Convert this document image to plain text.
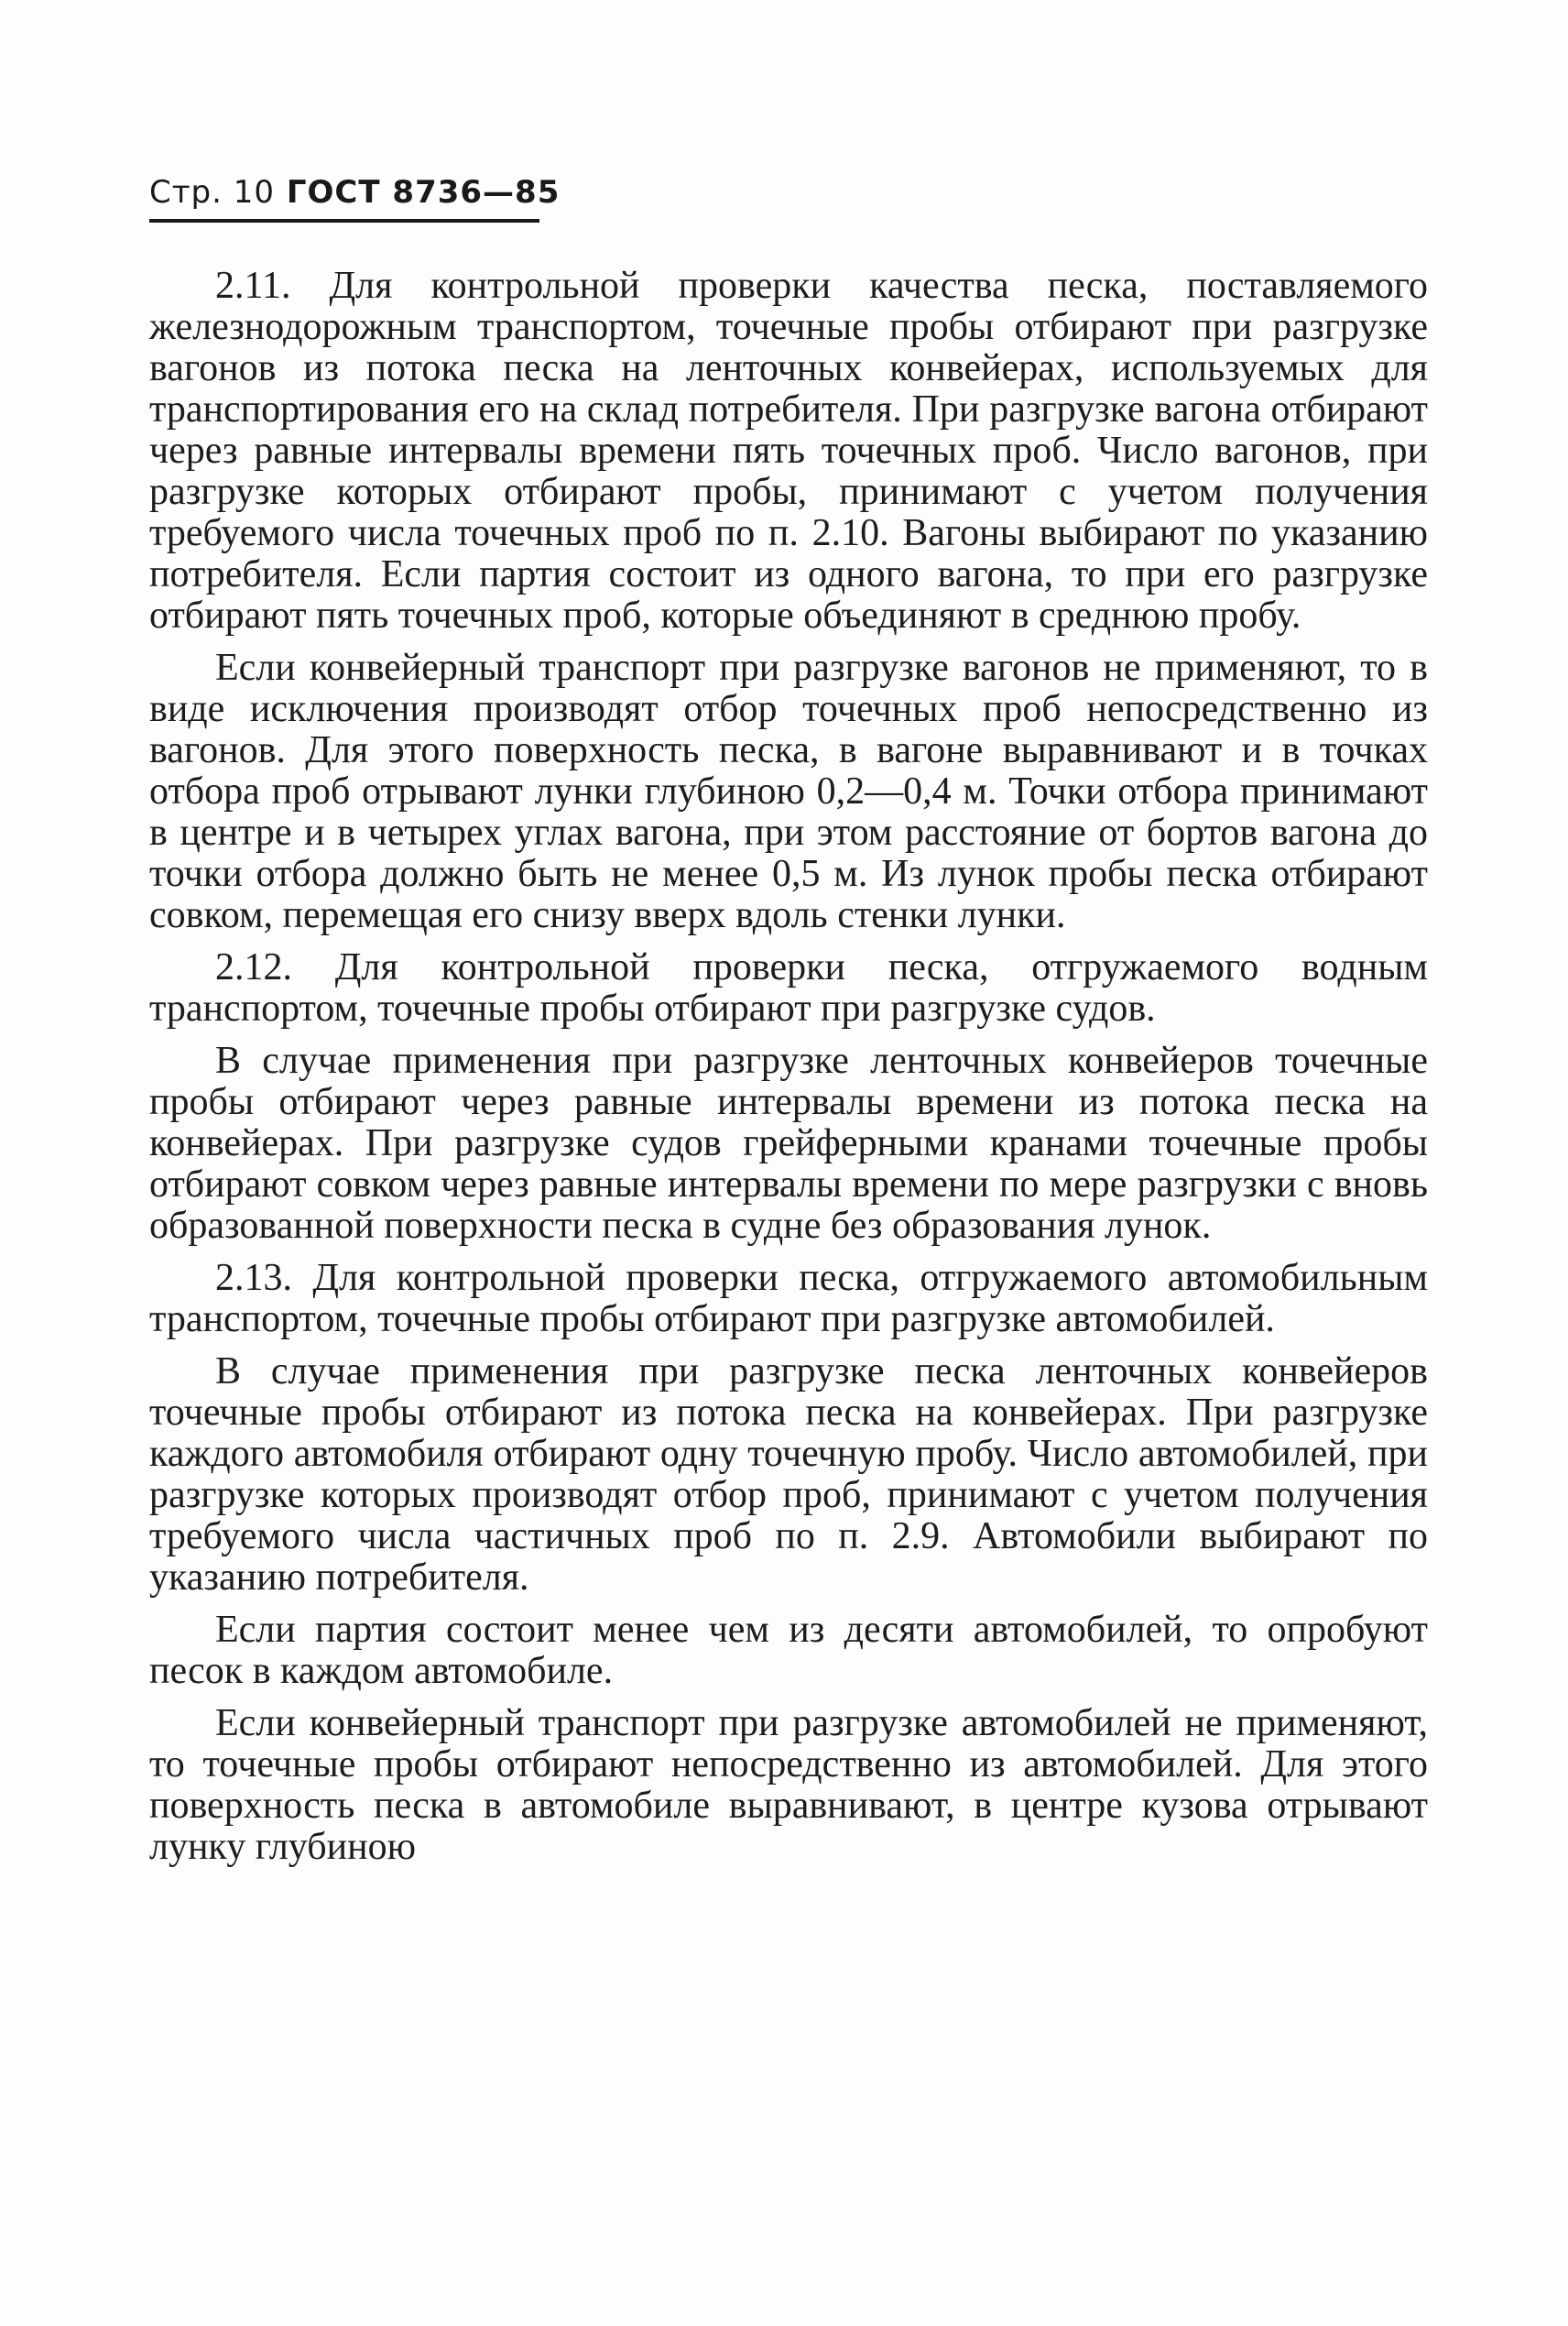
Стр. 10 ГОСТ 8736—85

2.11. Для контрольной проверки качества песка, поставляемого железнодорожным транспортом, точечные пробы отбирают при разгрузке вагонов из потока песка на ленточных конвейерах, используемых для транспортирования его на склад потребителя. При разгрузке вагона отбирают через равные интервалы времени пять точечных проб. Число вагонов, при разгрузке которых отбирают пробы, принимают с учетом получения требуемого числа точечных проб по п. 2.10. Вагоны выбирают по указанию потребителя. Если партия состоит из одного вагона, то при его разгрузке отбирают пять точечных проб, которые объединяют в среднюю пробу.

Если конвейерный транспорт при разгрузке вагонов не применяют, то в виде исключения производят отбор точечных проб непосредственно из вагонов. Для этого поверхность песка, в вагоне выравнивают и в точках отбора проб отрывают лунки глубиною 0,2—0,4 м. Точки отбора принимают в центре и в четырех углах вагона, при этом расстояние от бортов вагона до точки отбора должно быть не менее 0,5 м. Из лунок пробы песка отбирают совком, перемещая его снизу вверх вдоль стенки лунки.

2.12. Для контрольной проверки песка, отгружаемого водным транспортом, точечные пробы отбирают при разгрузке судов.

В случае применения при разгрузке ленточных конвейеров точечные пробы отбирают через равные интервалы времени из потока песка на конвейерах. При разгрузке судов грейферными кранами точечные пробы отбирают совком через равные интервалы времени по мере разгрузки с вновь образованной поверхности песка в судне без образования лунок.

2.13. Для контрольной проверки песка, отгружаемого автомобильным транспортом, точечные пробы отбирают при разгрузке автомобилей.

В случае применения при разгрузке песка ленточных конвейеров точечные пробы отбирают из потока песка на конвейерах. При разгрузке каждого автомобиля отбирают одну точечную пробу. Число автомобилей, при разгрузке которых производят отбор проб, принимают с учетом получения требуемого числа частичных проб по п. 2.9. Автомобили выбирают по указанию потребителя.

Если партия состоит менее чем из десяти автомобилей, то опробуют песок в каждом автомобиле.

Если конвейерный транспорт при разгрузке автомобилей не применяют, то точечные пробы отбирают непосредственно из автомобилей. Для этого поверхность песка в автомобиле выравнивают, в центре кузова отрывают лунку глубиною
